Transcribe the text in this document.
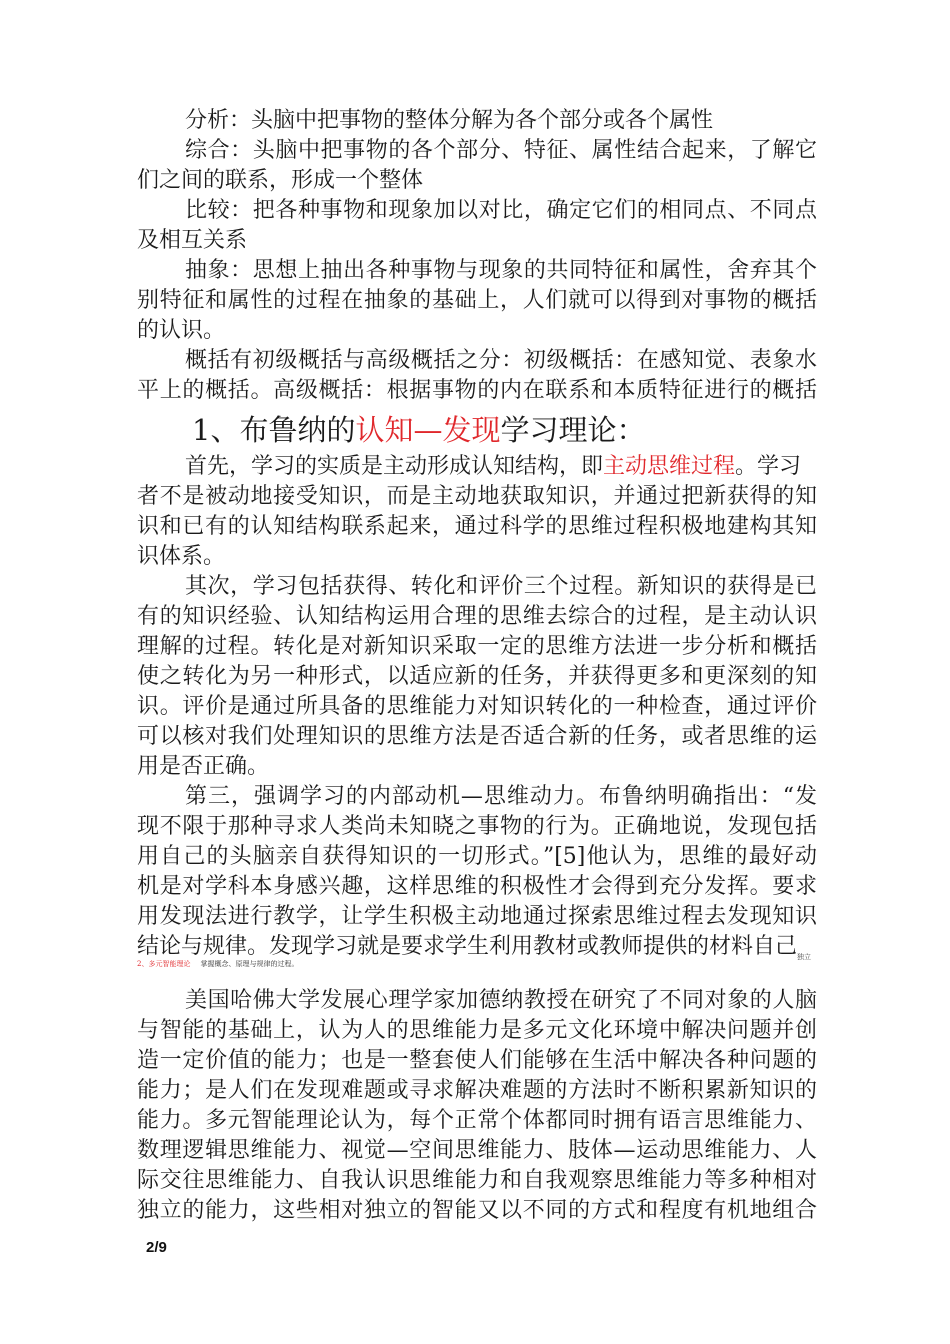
分析：头脑中把事物的整体分解为各个部分或各个属性
综合：头脑中把事物的各个部分、特征、属性结合起来，了解它
们之间的联系，形成一个整体
比较：把各种事物和现象加以对比，确定它们的相同点、不同点
及相互关系
抽象：思想上抽出各种事物与现象的共同特征和属性，舍弃其个
别特征和属性的过程在抽象的基础上，人们就可以得到对事物的概括
的认识。
概括有初级概括与高级概括之分：初级概括：在感知觉、表象水
平上的概括。高级概括：根据事物的内在联系和本质特征进行的概括
1、布鲁纳的认知—发现学习理论：
首先，学习的实质是主动形成认知结构，即主动思维过程。学习
者不是被动地接受知识，而是主动地获取知识，并通过把新获得的知
识和已有的认知结构联系起来，通过科学的思维过程积极地建构其知
识体系。
其次，学习包括获得、转化和评价三个过程。新知识的获得是已
有的知识经验、认知结构运用合理的思维去综合的过程，是主动认识
理解的过程。转化是对新知识采取一定的思维方法进一步分析和概括
使之转化为另一种形式，以适应新的任务，并获得更多和更深刻的知
识。评价是通过所具备的思维能力对知识转化的一种检查，通过评价
可以核对我们处理知识的思维方法是否适合新的任务，或者思维的运
用是否正确。
第三，强调学习的内部动机—思维动力。布鲁纳明确指出：“发
现不限于那种寻求人类尚未知晓之事物的行为。正确地说，发现包括
用自己的头脑亲自获得知识的一切形式。”[5]他认为，思维的最好动
机是对学科本身感兴趣，这样思维的积极性才会得到充分发挥。要求
用发现法进行教学，让学生积极主动地通过探索思维过程去发现知识
结论与规律。发现学习就是要求学生利用教材或教师提供的材料自己$_{独立}$
2、多元智能理论 掌握概念、原理与规律的过程。
美国哈佛大学发展心理学家加德纳教授在研究了不同对象的人脑
与智能的基础上，认为人的思维能力是多元文化环境中解决问题并创
造一定价值的能力；也是一整套使人们能够在生活中解决各种问题的
能力；是人们在发现难题或寻求解决难题的方法时不断积累新知识的
能力。多元智能理论认为，每个正常个体都同时拥有语言思维能力、
数理逻辑思维能力、视觉—空间思维能力、肢体—运动思维能力、人
际交往思维能力、自我认识思维能力和自我观察思维能力等多种相对
独立的能力，这些相对独立的智能又以不同的方式和程度有机地组合
2/9
